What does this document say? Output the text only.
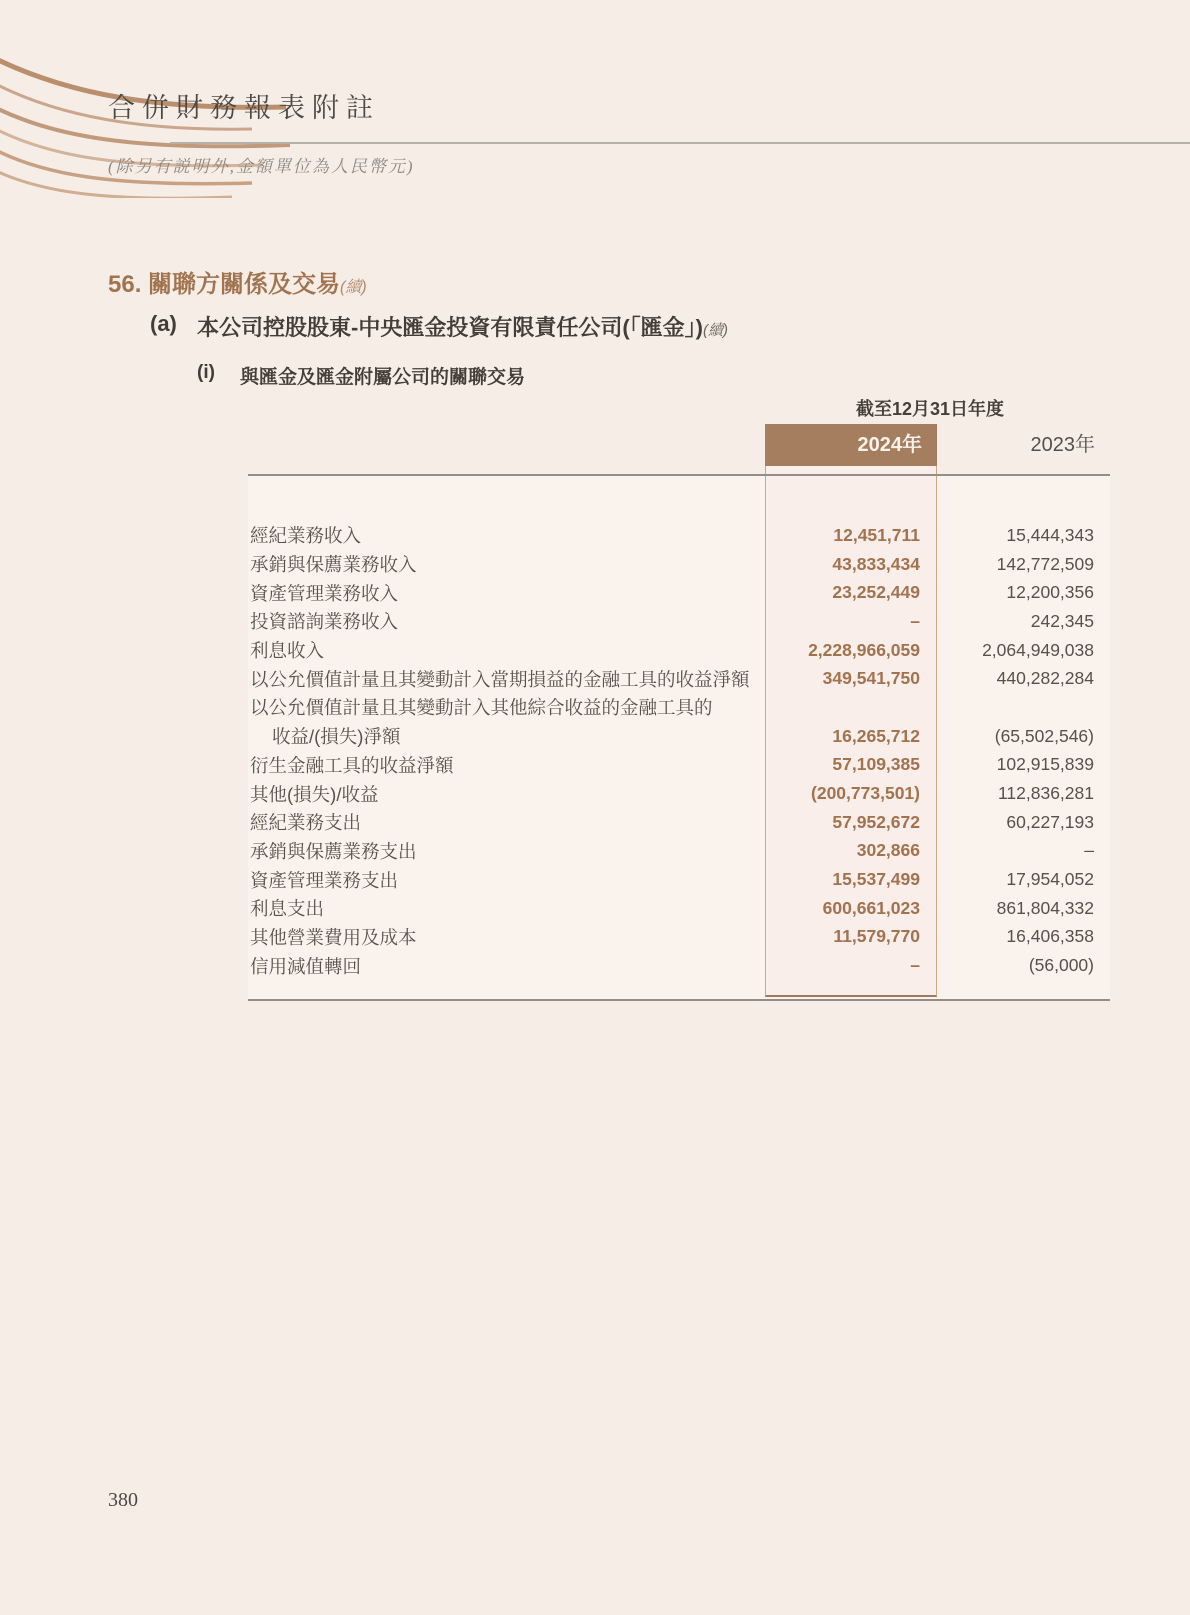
合併財務報表附註
(除另有説明外,金額單位為人民幣元)
56. 關聯方關係及交易(續)
(a) 本公司控股股東-中央匯金投資有限責任公司(「匯金」)(續)
(i) 與匯金及匯金附屬公司的關聯交易
截至12月31日年度
2024年	2023年
經紀業務收入	12,451,711	15,444,343
承銷與保薦業務收入	43,833,434	142,772,509
資產管理業務收入	23,252,449	12,200,356
投資諮詢業務收入	–	242,345
利息收入	2,228,966,059	2,064,949,038
以公允價值計量且其變動計入當期損益的金融工具的收益淨額	349,541,750	440,282,284
以公允價值計量且其變動計入其他綜合收益的金融工具的
收益/(損失)淨額	16,265,712	(65,502,546)
衍生金融工具的收益淨額	57,109,385	102,915,839
其他(損失)/收益	(200,773,501)	112,836,281
經紀業務支出	57,952,672	60,227,193
承銷與保薦業務支出	302,866	–
資產管理業務支出	15,537,499	17,954,052
利息支出	600,661,023	861,804,332
其他營業費用及成本	11,579,770	16,406,358
信用減值轉回	–	(56,000)
380
